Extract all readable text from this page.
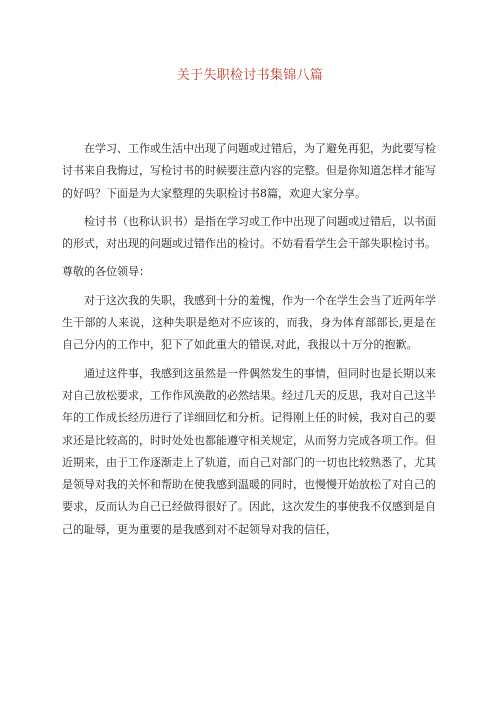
关于失职检讨书集锦八篇

在学习、工作或生活中出现了问题或过错后，为了避免再犯，为此要写检讨书来自我悔过，写检讨书的时候要注意内容的完整。但是你知道怎样才能写的好吗？下面是为大家整理的失职检讨书8篇，欢迎大家分享。

检讨书（也称认识书）是指在学习或工作中出现了问题或过错后，以书面的形式，对出现的问题或过错作出的检讨。不妨看看学生会干部失职检讨书。

尊敬的各位领导：

对于这次我的失职，我感到十分的羞愧，作为一个在学生会当了近两年学生干部的人来说，这种失职是绝对不应该的，而我，身为体育部部长,更是在自己分内的工作中，犯下了如此重大的错误,对此，我报以十万分的抱歉。

通过这件事，我感到这虽然是一件偶然发生的事情，但同时也是长期以来对自己放松要求，工作作风涣散的必然结果。经过几天的反思，我对自己这半年的工作成长经历进行了详细回忆和分析。记得刚上任的时候，我对自己的要求还是比较高的，时时处处也都能遵守相关规定，从而努力完成各项工作。但近期来，由于工作逐渐走上了轨道，而自己对部门的一切也比较熟悉了，尤其是领导对我的关怀和帮助在使我感到温暖的同时，也慢慢开始放松了对自己的要求，反而认为自己已经做得很好了。因此，这次发生的事使我不仅感到是自己的耻辱，更为重要的是我感到对不起领导对我的信任，
